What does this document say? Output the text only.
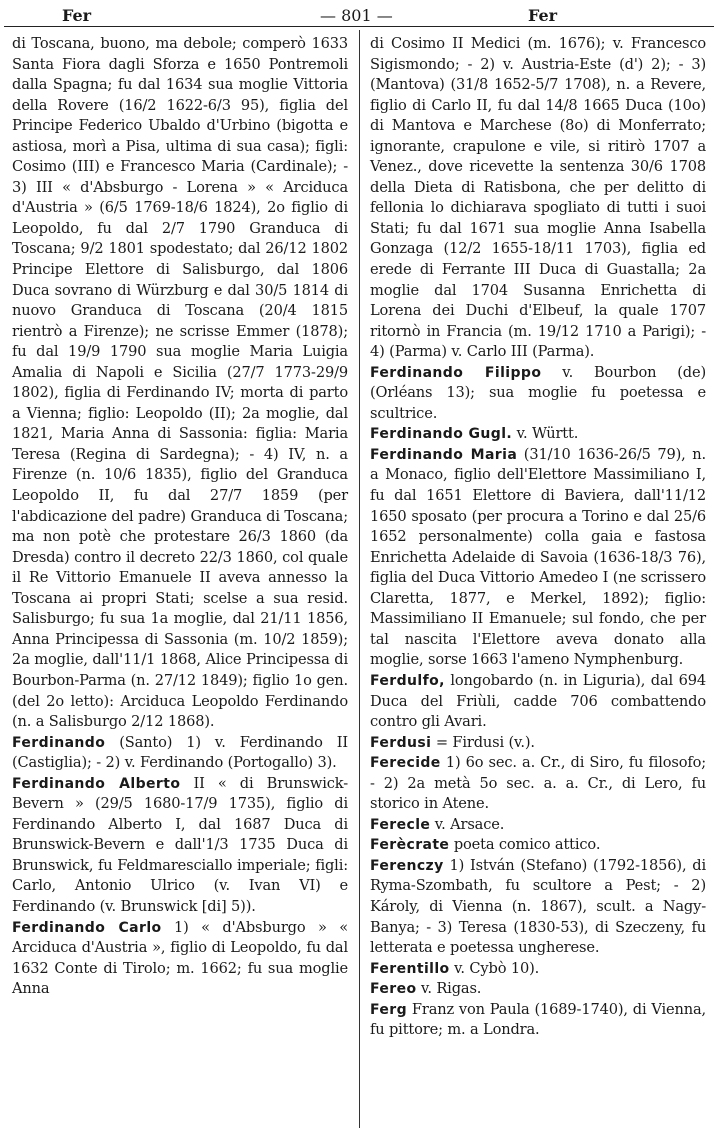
Fer	— 801 —	Fer

di Toscana, buono, ma debole; comperò 1633 Santa Fiora dagli Sforza e 1650 Pontremoli dalla Spagna; fu dal 1634 sua moglie Vittoria della Rovere (16/2 1622-6/3 95), figlia del Principe Federico Ubaldo d'Urbino (bigotta e astiosa, morì a Pisa, ultima di sua casa); figli: Cosimo (III) e Francesco Maria (Cardinale); - 3) III « d'Absburgo - Lorena » « Arciduca d'Austria » (6/5 1769-18/6 1824), 2o figlio di Leopoldo, fu dal 2/7 1790 Granduca di Toscana; 9/2 1801 spodestato; dal 26/12 1802 Principe Elettore di Salisburgo, dal 1806 Duca sovrano di Würzburg e dal 30/5 1814 di nuovo Granduca di Toscana (20/4 1815 rientrò a Firenze); ne scrisse Emmer (1878); fu dal 19/9 1790 sua moglie Maria Luigia Amalia di Napoli e Sicilia (27/7 1773-29/9 1802), figlia di Ferdinando IV; morta di parto a Vienna; figlio: Leopoldo (II); 2a moglie, dal 1821, Maria Anna di Sassonia: figlia: Maria Teresa (Regina di Sardegna); - 4) IV, n. a Firenze (n. 10/6 1835), figlio del Granduca Leopoldo II, fu dal 27/7 1859 (per l'abdicazione del padre) Granduca di Toscana; ma non potè che protestare 26/3 1860 (da Dresda) contro il decreto 22/3 1860, col quale il Re Vittorio Emanuele II aveva annesso la Toscana ai propri Stati; scelse a sua resid. Salisburgo; fu sua 1a moglie, dal 21/11 1856, Anna Principessa di Sassonia (m. 10/2 1859); 2a moglie, dall'11/1 1868, Alice Principessa di Bourbon-Parma (n. 27/12 1849); figlio 1o gen. (del 2o letto): Arciduca Leopoldo Ferdinando (n. a Salisburgo 2/12 1868).

Ferdinando (Santo) 1) v. Ferdinando II (Castiglia); - 2) v. Ferdinando (Portogallo) 3).

Ferdinando Alberto II « di Brunswick-Bevern » (29/5 1680-17/9 1735), figlio di Ferdinando Alberto I, dal 1687 Duca di Brunswick-Bevern e dall'1/3 1735 Duca di Brunswick, fu Feldmaresciallo imperiale; figli: Carlo, Antonio Ulrico (v. Ivan VI) e Ferdinando (v. Brunswick [di] 5)).

Ferdinando Carlo 1) « d'Absburgo » « Arciduca d'Austria », figlio di Leopoldo, fu dal 1632 Conte di Tirolo; m. 1662; fu sua moglie Anna

di Cosimo II Medici (m. 1676); v. Francesco Sigismondo; - 2) v. Austria-Este (d') 2); - 3) (Mantova) (31/8 1652-5/7 1708), n. a Revere, figlio di Carlo II, fu dal 14/8 1665 Duca (10o) di Mantova e Marchese (8o) di Monferrato; ignorante, crapulone e vile, si ritirò 1707 a Venez., dove ricevette la sentenza 30/6 1708 della Dieta di Ratisbona, che per delitto di fellonia lo dichiarava spogliato di tutti i suoi Stati; fu dal 1671 sua moglie Anna Isabella Gonzaga (12/2 1655-18/11 1703), figlia ed erede di Ferrante III Duca di Guastalla; 2a moglie dal 1704 Susanna Enrichetta di Lorena dei Duchi d'Elbeuf, la quale 1707 ritornò in Francia (m. 19/12 1710 a Parigi); - 4) (Parma) v. Carlo III (Parma).

Ferdinando Filippo v. Bourbon (de) (Orléans 13); sua moglie fu poetessa e scultrice.

Ferdinando Gugl. v. Württ.

Ferdinando Maria (31/10 1636-26/5 79), n. a Monaco, figlio dell'Elettore Massimiliano I, fu dal 1651 Elettore di Baviera, dall'11/12 1650 sposato (per procura a Torino e dal 25/6 1652 personalmente) colla gaia e fastosa Enrichetta Adelaide di Savoia (1636-18/3 76), figlia del Duca Vittorio Amedeo I (ne scrissero Claretta, 1877, e Merkel, 1892); figlio: Massimiliano II Emanuele; sul fondo, che per tal nascita l'Elettore aveva donato alla moglie, sorse 1663 l'ameno Nymphenburg.

Ferdulfo, longobardo (n. in Liguria), dal 694 Duca del Friùli, cadde 706 combattendo contro gli Avari.

Ferdusi = Firdusi (v.).

Ferecide 1) 6o sec. a. Cr., di Siro, fu filosofo; - 2) 2a metà 5o sec. a. a. Cr., di Lero, fu storico in Atene.

Ferecle v. Arsace.

Ferècrate poeta comico attico.

Ferenczy 1) István (Stefano) (1792-1856), di Ryma-Szombath, fu scultore a Pest; - 2) Károly, di Vienna (n. 1867), scult. a Nagy-Banya; - 3) Teresa (1830-53), di Szeczeny, fu letterata e poetessa ungherese.

Ferentillo v. Cybò 10).

Fereo v. Rigas.

Ferg Franz von Paula (1689-1740), di Vienna, fu pittore; m. a Londra.
